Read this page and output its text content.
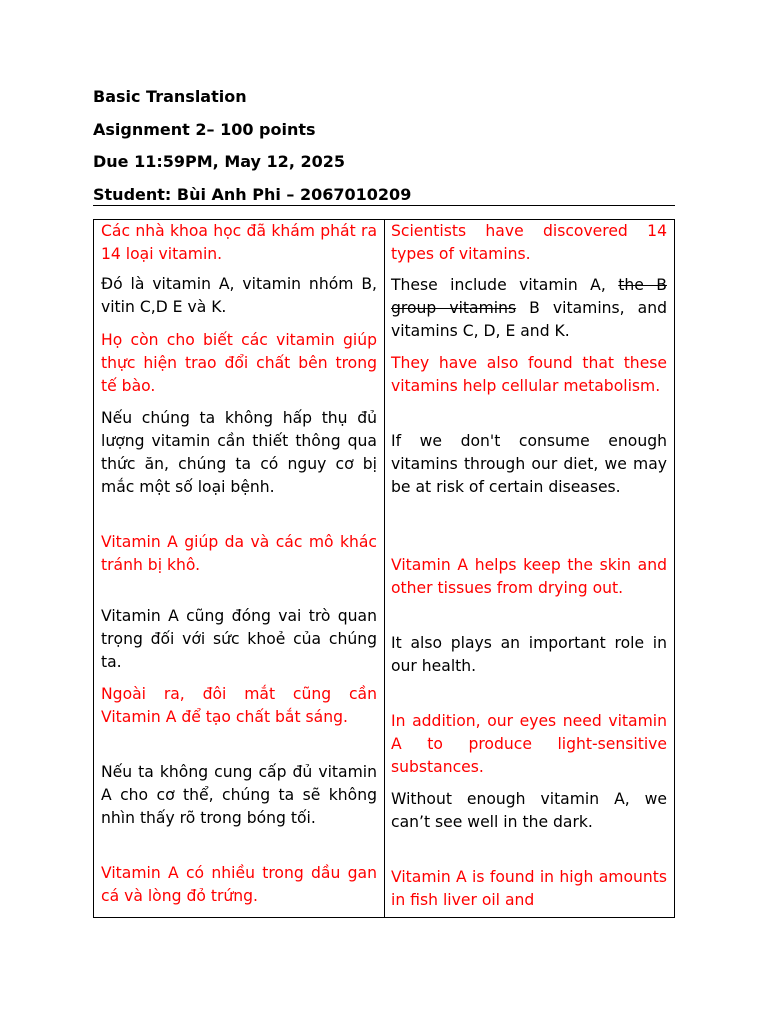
Basic Translation
Asignment 2– 100 points
Due 11:59PM, May 12, 2025
Student: Bùi Anh Phi – 2067010209
Các nhà khoa học đã khám phát ra 14 loại vitamin.
Đó là vitamin A, vitamin nhóm B, vitin C,D E và K.
Họ còn cho biết các vitamin giúp thực hiện trao đổi chất bên trong tế bào.
Nếu chúng ta không hấp thụ đủ lượng vitamin cần thiết thông qua thức ăn, chúng ta có nguy cơ bị mắc một số loại bệnh.
Vitamin A giúp da và các mô khác tránh bị khô.
Vitamin A cũng đóng vai trò quan trọng đối với sức khoẻ của chúng ta.
Ngoài ra, đôi mắt cũng cần Vitamin A để tạo chất bắt sáng.
Nếu ta không cung cấp đủ vitamin A cho cơ thể, chúng ta sẽ không nhìn thấy rõ trong bóng tối.
Vitamin A có nhiều trong dầu gan cá và lòng đỏ trứng.
Scientists have discovered 14 types of vitamins.
These include vitamin A, the B group vitamins B vitamins, and vitamins C, D, E and K.
They have also found that these vitamins help cellular metabolism.
If we don't consume enough vitamins through our diet, we may be at risk of certain diseases.
Vitamin A helps keep the skin and other tissues from drying out.
It also plays an important role in our health.
In addition, our eyes need vitamin A to produce light-sensitive substances.
Without enough vitamin A, we can’t see well in the dark.
Vitamin A is found in high amounts in fish liver oil and
